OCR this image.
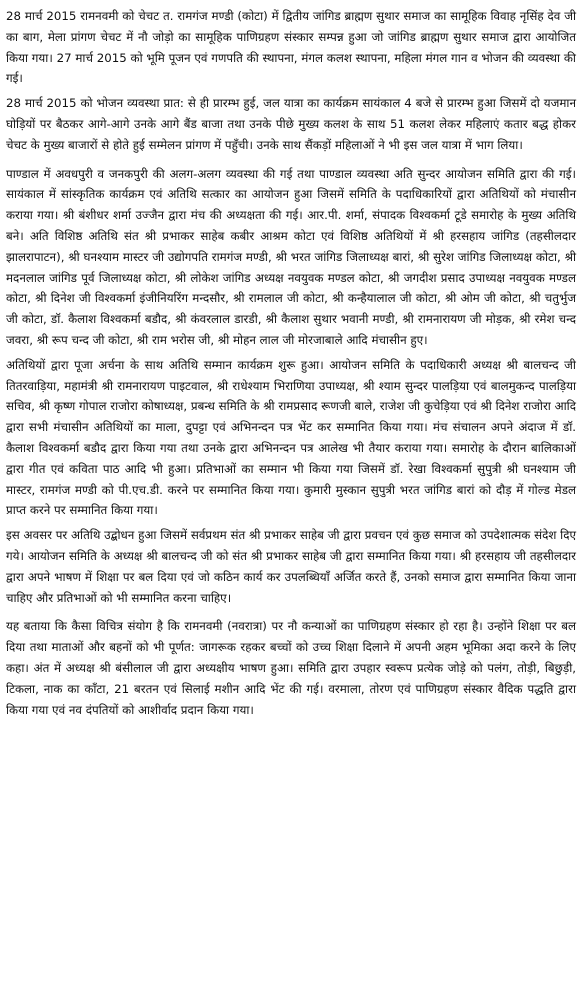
28 मार्च 2015 रामनवमी को चेचट त. रामगंज मण्डी (कोटा) में द्वितीय जांगिड ब्राह्मण सुथार समाज का सामूहिक विवाह नृसिंह देव जी का बाग, मेला प्रांगण चेचट में नौ जोड़ो का सामूहिक पाणिग्रहण संस्कार सम्पन्न हुआ जो जांगिड ब्राह्मण सुथार समाज द्वारा आयोजित किया गया। 27 मार्च 2015 को भूमि पूजन एवं गणपति की स्थापना, मंगल कलश स्थापना, महिला मंगल गान व भोजन की व्यवस्था की गई।

28 मार्च 2015 को भोजन व्यवस्था प्रात: से ही प्रारम्भ हुई, जल यात्रा का कार्यक्रम सायंकाल 4 बजे से प्रारम्भ हुआ जिसमें दो यजमान घोड़ियों पर बैठकर आगे-आगे उनके आगे बैंड बाजा तथा उनके पीछे मुख्य कलश के साथ 51 कलश लेकर महिलाएं कतार बद्ध होकर चेचट के मुख्य बाजारों से होते हुई सम्मेलन प्रांगण में पहुँची। उनके साथ सैंकड़ों महिलाओं ने भी इस जल यात्रा में भाग लिया।

पाण्डाल में अवधपुरी व जनकपुरी की अलग-अलग व्यवस्था की गई तथा पाण्डाल व्यवस्था अति सुन्दर आयोजन समिति द्वारा की गई। सायंकाल में सांस्कृतिक कार्यक्रम एवं अतिथि सत्कार का आयोजन हुआ जिसमें समिति के पदाधिकारियों द्वारा अतिथियों को मंचासीन कराया गया। श्री बंशीधर शर्मा उज्जैन द्वारा मंच की अध्यक्षता की गई। आर.पी. शर्मा, संपादक विश्वकर्मा टूडे समारोह के मुख्य अतिथि बने। अति विशिष्ठ अतिथि संत श्री प्रभाकर साहेब कबीर आश्रम कोटा एवं विशिष्ठ अतिथियों में श्री हरसहाय जांगिड (तहसीलदार झालरापाटन), श्री घनश्याम मास्टर जी उद्योगपति रामगंज मण्डी, श्री भरत जांगिड जिलाध्यक्ष बारां, श्री सुरेश जांगिड जिलाध्यक्ष कोटा, श्री मदनलाल जांगिड पूर्व जिलाध्यक्ष कोटा, श्री लोकेश जांगिड अध्यक्ष नवयुवक मण्डल कोटा, श्री जगदीश प्रसाद उपाध्यक्ष नवयुवक मण्डल कोटा, श्री दिनेश जी विश्वकर्मा इंजीनियरिंग मन्दसौर, श्री रामलाल जी कोटा, श्री कन्हैयालाल जी कोटा, श्री ओम जी कोटा, श्री चतुर्भुज जी कोटा, डॉ. कैलाश विश्वकर्मा बडौद, श्री कंवरलाल डारडी, श्री कैलाश सुथार भवानी मण्डी, श्री रामनारायण जी मोड़क, श्री रमेश चन्द जवरा, श्री रूप चन्द जी कोटा, श्री राम भरोस जी, श्री मोहन लाल जी मोरजाबाले आदि मंचासीन हुए।

अतिथियों द्वारा पूजा अर्चना के साथ अतिथि सम्मान कार्यक्रम शुरू हुआ। आयोजन समिति के पदाधिकारी अध्यक्ष श्री बालचन्द जी तितरवाड़िया, महामंत्री श्री रामनारायण पाइटवाल, श्री राधेश्याम भिराणिया उपाध्यक्ष, श्री श्याम सुन्दर पालड़िया एवं बालमुकन्द पालड़िया सचिव, श्री कृष्ण गोपाल राजोरा कोषाध्यक्ष, प्रबन्ध समिति के श्री रामप्रसाद रूणजी बाले, राजेश जी कुचेड़िया एवं श्री दिनेश राजोरा आदि द्वारा सभी मंचासीन अतिथियों का माला, दुपट्टा एवं अभिनन्दन पत्र भेंट कर सम्मानित किया गया। मंच संचालन अपने अंदाज में डॉ. कैलाश विश्वकर्मा बडौद द्वारा किया गया तथा उनके द्वारा अभिनन्दन पत्र आलेख भी तैयार कराया गया। समारोह के दौरान बालिकाओं द्वारा गीत एवं कविता पाठ आदि भी हुआ। प्रतिभाओं का सम्मान भी किया गया जिसमें डॉ. रेखा विश्वकर्मा सुपुत्री श्री घनश्याम जी मास्टर, रामगंज मण्डी को पी.एच.डी. करने पर सम्मानित किया गया। कुमारी मुस्कान सुपुत्री भरत जांगिड बारां को दौड़ में गोल्ड मेडल प्राप्त करने पर सम्मानित किया गया।

इस अवसर पर अतिथि उद्बोधन हुआ जिसमें सर्वप्रथम संत श्री प्रभाकर साहेब जी द्वारा प्रवचन एवं कुछ समाज को उपदेशात्मक संदेश दिए गये। आयोजन समिति के अध्यक्ष श्री बालचन्द जी को संत श्री प्रभाकर साहेब जी द्वारा सम्मानित किया गया। श्री हरसहाय जी तहसीलदार द्वारा अपने भाषण में शिक्षा पर बल दिया एवं जो कठिन कार्य कर उपलब्धियाँ अर्जित करते हैं, उनको समाज द्वारा सम्मानित किया जाना चाहिए और प्रतिभाओं को भी सम्मानित करना चाहिए।

यह बताया कि कैसा विचित्र संयोग है कि रामनवमी (नवरात्रा) पर नौ कन्याओं का पाणिग्रहण संस्कार हो रहा है। उन्होंने शिक्षा पर बल दिया तथा माताओं और बहनों को भी पूर्णत: जागरूक रहकर बच्चों को उच्च शिक्षा दिलाने में अपनी अहम भूमिका अदा करने के लिए कहा। अंत में अध्यक्ष श्री बंसीलाल जी द्वारा अध्यक्षीय भाषण हुआ। समिति द्वारा उपहार स्वरूप प्रत्येक जोड़े को पलंग, तोड़ी, बिछुड़ी, टिकला, नाक का काँटा, 21 बरतन एवं सिलाई मशीन आदि भेंट की गई। वरमाला, तोरण एवं पाणिग्रहण संस्कार वैदिक पद्धति द्वारा किया गया एवं नव दंपतियों को आशीर्वाद प्रदान किया गया।
